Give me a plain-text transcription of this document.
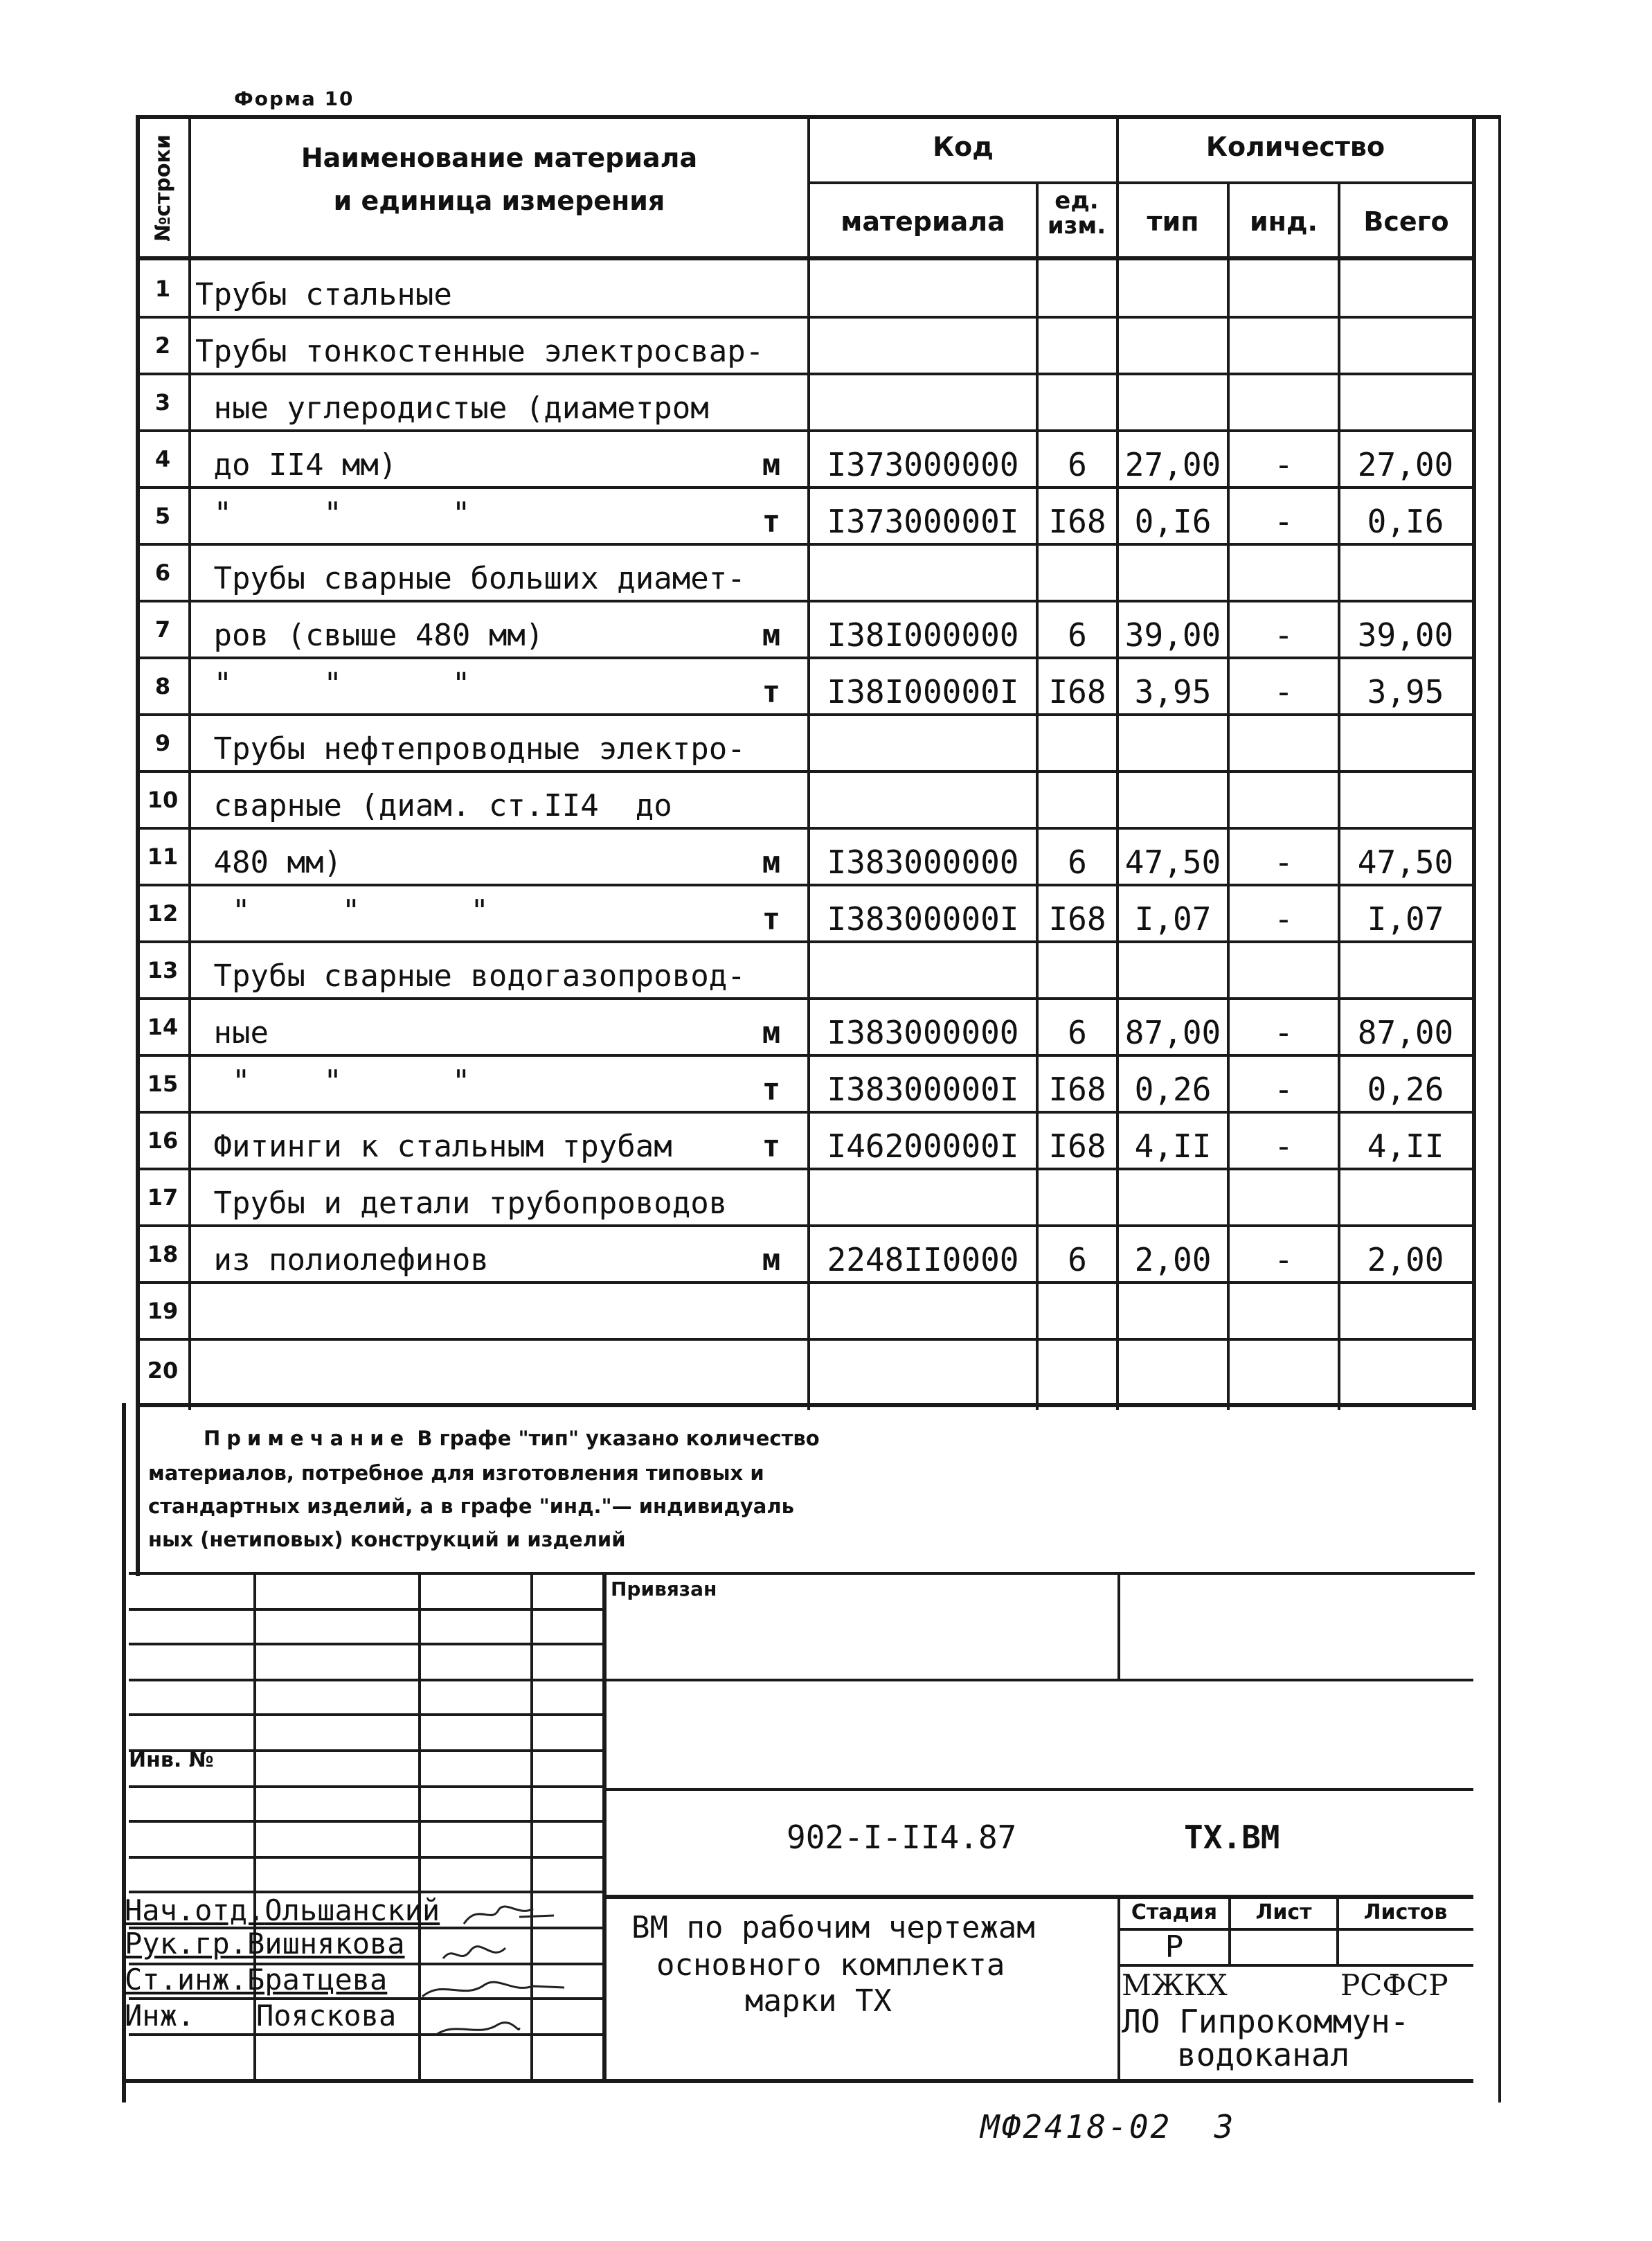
Форма 10
№строки	Наименование материала
и единица измерения
Код	Количество
материала
ед. изм.	тип	инд.	Всего
1 Трубы стальные
2 Трубы тонкостенные электросвар-
3 ные углеродистые (диаметром
4 до II4 мм)	м	I373000000	6	27,00	-	27,00
5 "     "      "	т	I37300000I I68 0,I6	-	0,I6
6 Трубы сварные больших диамет-
7 ров (свыше 480 мм)	м	I38I000000	6	39,00	-	39,00
8 "     "      "	т	I38I00000I I68 3,95	-	3,95
9 Трубы нефтепроводные электро-
10 сварные (диам. ст.II4  до
11 480 мм)	м	I383000000	6	47,50	-	47,50
12 "     "      "	т	I38300000I I68 I,07	-	I,07
13 Трубы сварные водогазопровод-
14 ные	м	I383000000	6	87,00	-	87,00
15 "    "      "	т	I38300000I I68 0,26	-	0,26
16 Фитинги к стальным трубам	т	I46200000I I68 4,II	-	4,II
17 Трубы и детали трубопроводов
18 из полиолефинов	м	2248II0000	6	2,00	-	2,00
19
20
Примечание В графе "тип" указано количество
материалов, потребное для изготовления типовых и
стандартных изделий, а в графе "инд."— индивидуаль
ных (нетиповых) конструкций и изделий
Привязан
Инв. №
902-I-II4.87	ТХ.ВМ
Нач.отд.Ольшанский
Рук.гр.Вишнякова
Ст.инж.Братцева
Инж. Пояскова
ВМ по рабочим чертежам
основного комплекта
марки ТХ
Стадия	Лист	Листов
Р
МЖКХ	РСФСР
ЛО Гипрокоммун-
водоканал
МФ2418-02  3
